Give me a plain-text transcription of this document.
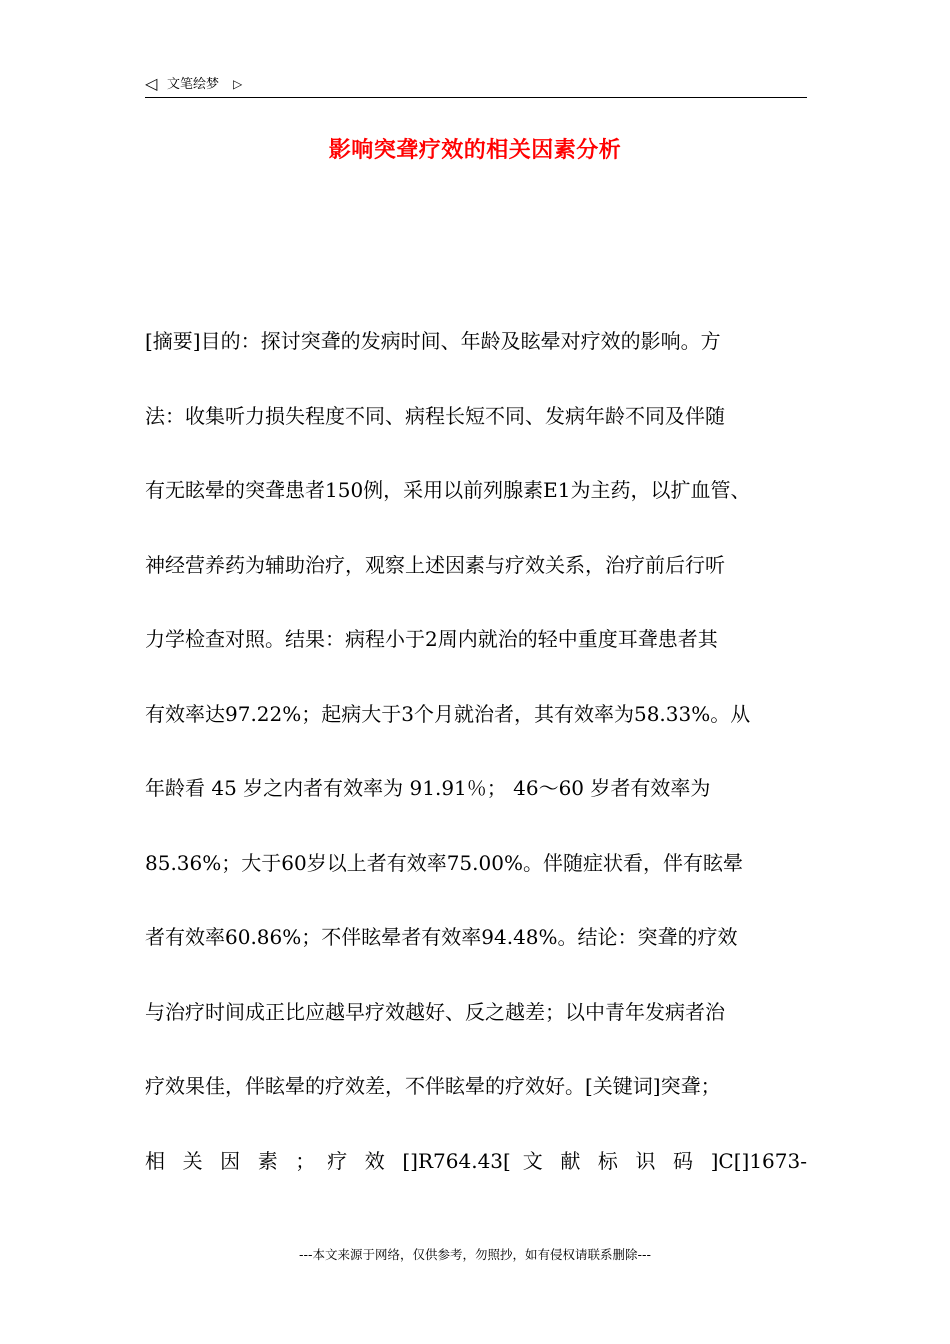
◁ 文笔绘梦 ▷
影响突聋疗效的相关因素分析
[摘要]目的：探讨突聋的发病时间、年龄及眩晕对疗效的影响。方
法：收集听力损失程度不同、病程长短不同、发病年龄不同及伴随
有无眩晕的突聋患者150例，采用以前列腺素E1为主药，以扩血管、
神经营养药为辅助治疗，观察上述因素与疗效关系，治疗前后行听
力学检查对照。结果：病程小于2周内就治的轻中重度耳聋患者其
有效率达97.22%；起病大于3个月就治者，其有效率为58.33%。从
年龄看 45 岁之内者有效率为 91.91％； 46～60 岁者有效率为
85.36%；大于60岁以上者有效率75.00%。伴随症状看，伴有眩晕
者有效率60.86%；不伴眩晕者有效率94.48%。结论：突聋的疗效
与治疗时间成正比应越早疗效越好、反之越差；以中青年发病者治
疗效果佳，伴眩晕的疗效差，不伴眩晕的疗效好。[关键词]突聋；
相 关 因 素 ； 疗 效 []R764.43[ 文 献 标 识 码 ]C[]1673-
---本文来源于网络，仅供参考，勿照抄，如有侵权请联系删除---
